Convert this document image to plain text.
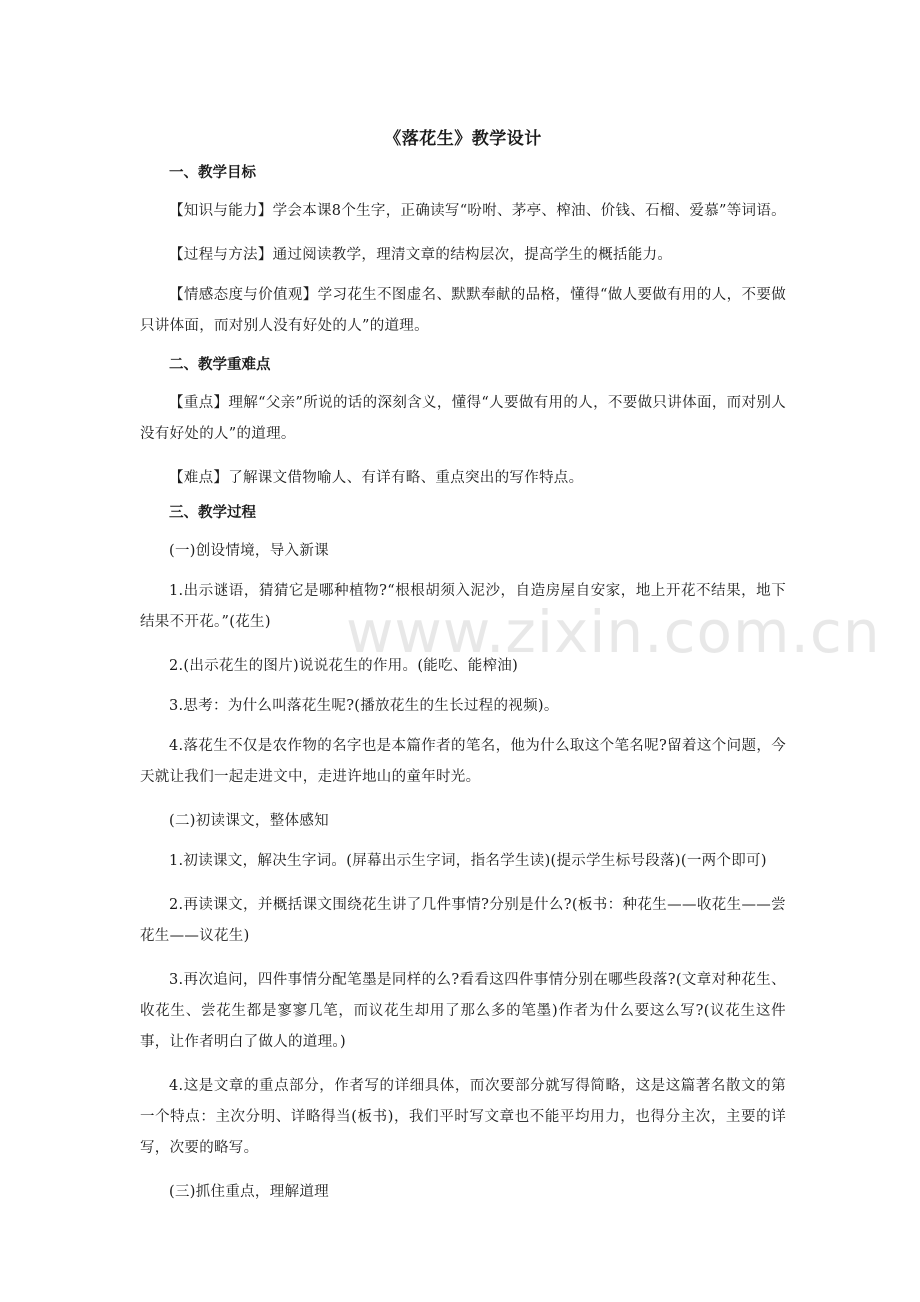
www.zixin.com.cn
《落花生》教学设计
一、教学目标

【知识与能力】学会本课8个生字，正确读写“吩咐、茅亭、榨油、价钱、石榴、爱慕”等词语。

【过程与方法】通过阅读教学，理清文章的结构层次，提高学生的概括能力。

【情感态度与价值观】学习花生不图虚名、默默奉献的品格，懂得“做人要做有用的人，不要做只讲体面，而对别人没有好处的人”的道理。

二、教学重难点

【重点】理解“父亲”所说的话的深刻含义，懂得“人要做有用的人，不要做只讲体面，而对别人没有好处的人”的道理。

【难点】了解课文借物喻人、有详有略、重点突出的写作特点。

三、教学过程

(一)创设情境，导入新课

1.出示谜语，猜猜它是哪种植物?“根根胡须入泥沙，自造房屋自安家，地上开花不结果，地下结果不开花。”(花生)

2.(出示花生的图片)说说花生的作用。(能吃、能榨油)

3.思考：为什么叫落花生呢?(播放花生的生长过程的视频)。

4.落花生不仅是农作物的名字也是本篇作者的笔名，他为什么取这个笔名呢?留着这个问题，今天就让我们一起走进文中，走进许地山的童年时光。

(二)初读课文，整体感知

1.初读课文，解决生字词。(屏幕出示生字词，指名学生读)(提示学生标号段落)(一两个即可)

2.再读课文，并概括课文围绕花生讲了几件事情?分别是什么?(板书：种花生——收花生——尝花生——议花生)

3.再次追问，四件事情分配笔墨是同样的么?看看这四件事情分别在哪些段落?(文章对种花生、收花生、尝花生都是寥寥几笔，而议花生却用了那么多的笔墨)作者为什么要这么写?(议花生这件事，让作者明白了做人的道理。)

4.这是文章的重点部分，作者写的详细具体，而次要部分就写得简略，这是这篇著名散文的第一个特点：主次分明、详略得当(板书)，我们平时写文章也不能平均用力，也得分主次，主要的详写，次要的略写。

(三)抓住重点，理解道理
